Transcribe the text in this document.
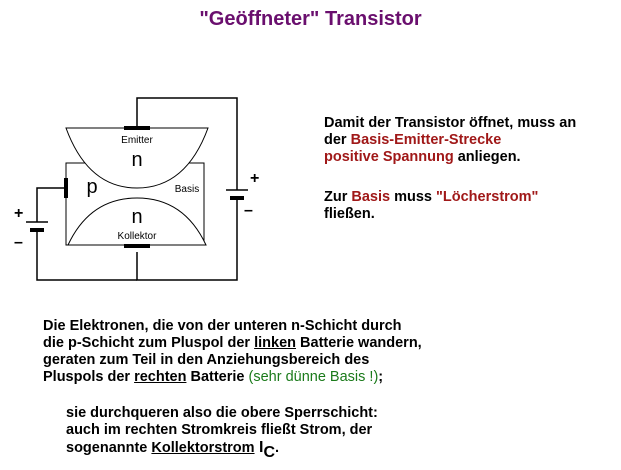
"Geöffneter" Transistor
Emitter
n
p	Basis
n
Kollektor
+
–
+
–
Damit der Transistor öffnet, muss an
der Basis-Emitter-Strecke
positive Spannung anliegen.
Zur Basis muss "Löcherstrom"
fließen.
Die Elektronen, die von der unteren n-Schicht durch
die p-Schicht zum Pluspol der linken Batterie wandern,
geraten zum Teil in den Anziehungsbereich des
Pluspols der rechten Batterie (sehr dünne Basis !);
sie durchqueren also die obere Sperrschicht:
auch im rechten Stromkreis fließt Strom, der
sogenannte Kollektorstrom IC.
